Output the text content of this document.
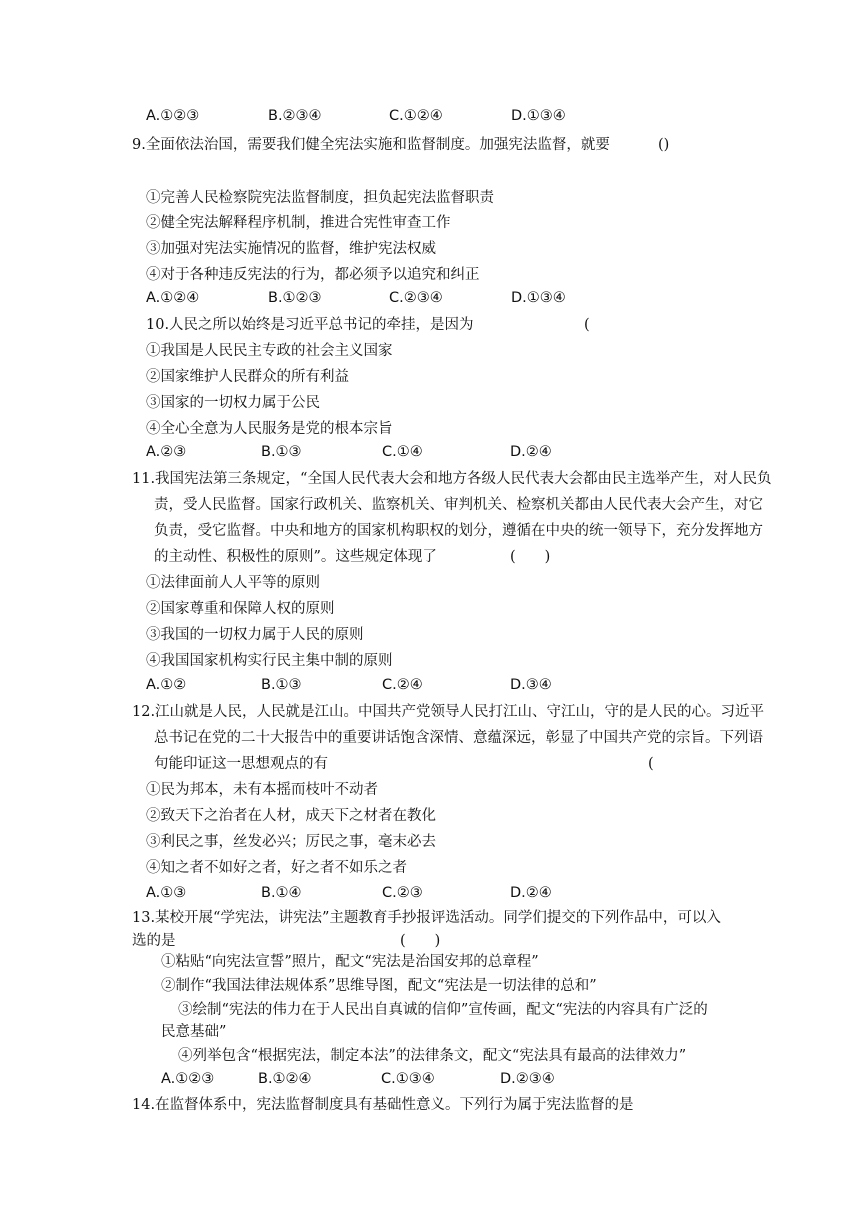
A.①②③	B.②③④	C.①②④	D.①③④
9.全面依法治国，需要我们健全宪法实施和监督制度。加强宪法监督，就要	()
①完善人民检察院宪法监督制度，担负起宪法监督职责
②健全宪法解释程序机制，推进合宪性审查工作
③加强对宪法实施情况的监督，维护宪法权威
④对于各种违反宪法的行为，都必须予以追究和纠正
A.①②④	B.①②③	C.②③④	D.①③④
10.人民之所以始终是习近平总书记的牵挂，是因为	(
①我国是人民民主专政的社会主义国家
②国家维护人民群众的所有利益
③国家的一切权力属于公民
④全心全意为人民服务是党的根本宗旨
A.②③	B.①③	C.①④	D.②④
11.我国宪法第三条规定，“全国人民代表大会和地方各级人民代表大会都由民主选举产生，对人民负
责，受人民监督。国家行政机关、监察机关、审判机关、检察机关都由人民代表大会产生，对它
负责，受它监督。中央和地方的国家机构职权的划分，遵循在中央的统一领导下，充分发挥地方
的主动性、积极性的原则”。这些规定体现了	(　　)
①法律面前人人平等的原则
②国家尊重和保障人权的原则
③我国的一切权力属于人民的原则
④我国国家机构实行民主集中制的原则
A.①②	B.①③	C.②④	D.③④
12.江山就是人民，人民就是江山。中国共产党领导人民打江山、守江山，守的是人民的心。习近平
总书记在党的二十大报告中的重要讲话饱含深情、意蕴深远，彰显了中国共产党的宗旨。下列语
句能印证这一思想观点的有	(
①民为邦本，未有本摇而枝叶不动者
②致天下之治者在人材，成天下之材者在教化
③利民之事，丝发必兴；厉民之事，毫末必去
④知之者不如好之者，好之者不如乐之者
A.①③	B.①④	C.②③	D.②④
13.某校开展“学宪法，讲宪法”主题教育手抄报评选活动。同学们提交的下列作品中，可以入
选的是	(　　)
①粘贴“向宪法宣誓”照片，配文“宪法是治国安邦的总章程”
②制作“我国法律法规体系”思维导图，配文“宪法是一切法律的总和”
③绘制“宪法的伟力在于人民出自真诚的信仰”宣传画，配文“宪法的内容具有广泛的
民意基础”
④列举包含“根据宪法，制定本法”的法律条文，配文“宪法具有最高的法律效力”
A.①②③	B.①②④	C.①③④	D.②③④
14.在监督体系中，宪法监督制度具有基础性意义。下列行为属于宪法监督的是
